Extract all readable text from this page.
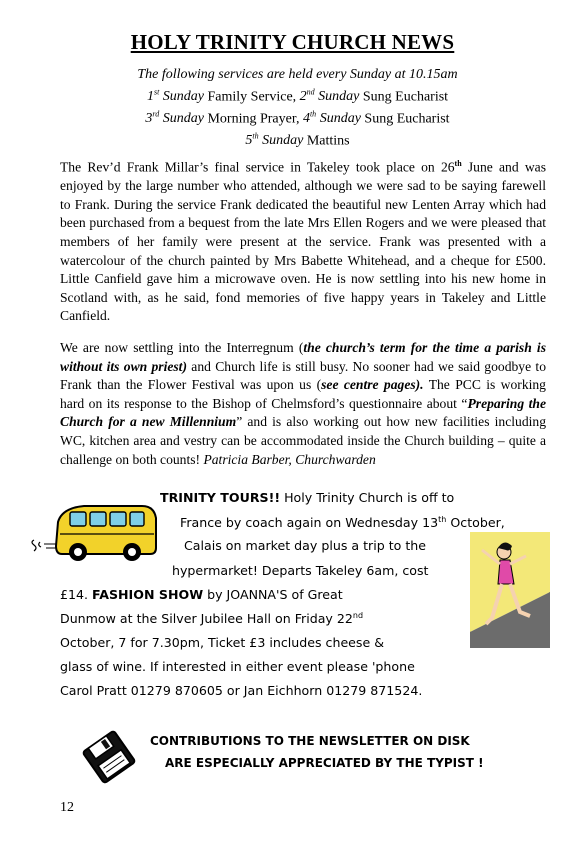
HOLY TRINITY CHURCH NEWS
The following services are held every Sunday at 10.15am
1st Sunday Family Service, 2nd Sunday Sung Eucharist
3rd Sunday Morning Prayer, 4th Sunday Sung Eucharist
5th Sunday Mattins
The Rev’d Frank Millar’s final service in Takeley took place on 26th June and was enjoyed by the large number who attended, although we were sad to be saying farewell to Frank. During the service Frank dedicated the beautiful new Lenten Array which had been purchased from a bequest from the late Mrs Ellen Rogers and we were pleased that members of her family were present at the service. Frank was presented with a watercolour of the church painted by Mrs Babette Whitehead, and a cheque for £500. Little Canfield gave him a microwave oven. He is now settling into his new home in Scotland with, as he said, fond memories of five happy years in Takeley and Little Canfield.
We are now settling into the Interregnum (the church’s term for the time a parish is without its own priest) and Church life is still busy. No sooner had we said goodbye to Frank than the Flower Festival was upon us (see centre pages). The PCC is working hard on its response to the Bishop of Chelmsford’s questionnaire about “Preparing the Church for a new Millennium” and is also working out how new facilities including WC, kitchen area and vestry can be accommodated inside the Church building – quite a challenge on both counts! Patricia Barber, Churchwarden
TRINITY TOURS!! Holy Trinity Church is off to
France by coach again on Wednesday 13th October,
Calais on market day plus a trip to the
hypermarket! Departs Takeley 6am, cost
£14. FASHION SHOW by JOANNA'S of Great
Dunmow at the Silver Jubilee Hall on Friday 22nd
October, 7 for 7.30pm, Ticket £3 includes cheese &
glass of wine. If interested in either event please 'phone
Carol Pratt 01279 870605 or Jan Eichhorn 01279 871524.
CONTRIBUTIONS TO THE NEWSLETTER ON DISK
ARE ESPECIALLY APPRECIATED BY THE TYPIST !
12
